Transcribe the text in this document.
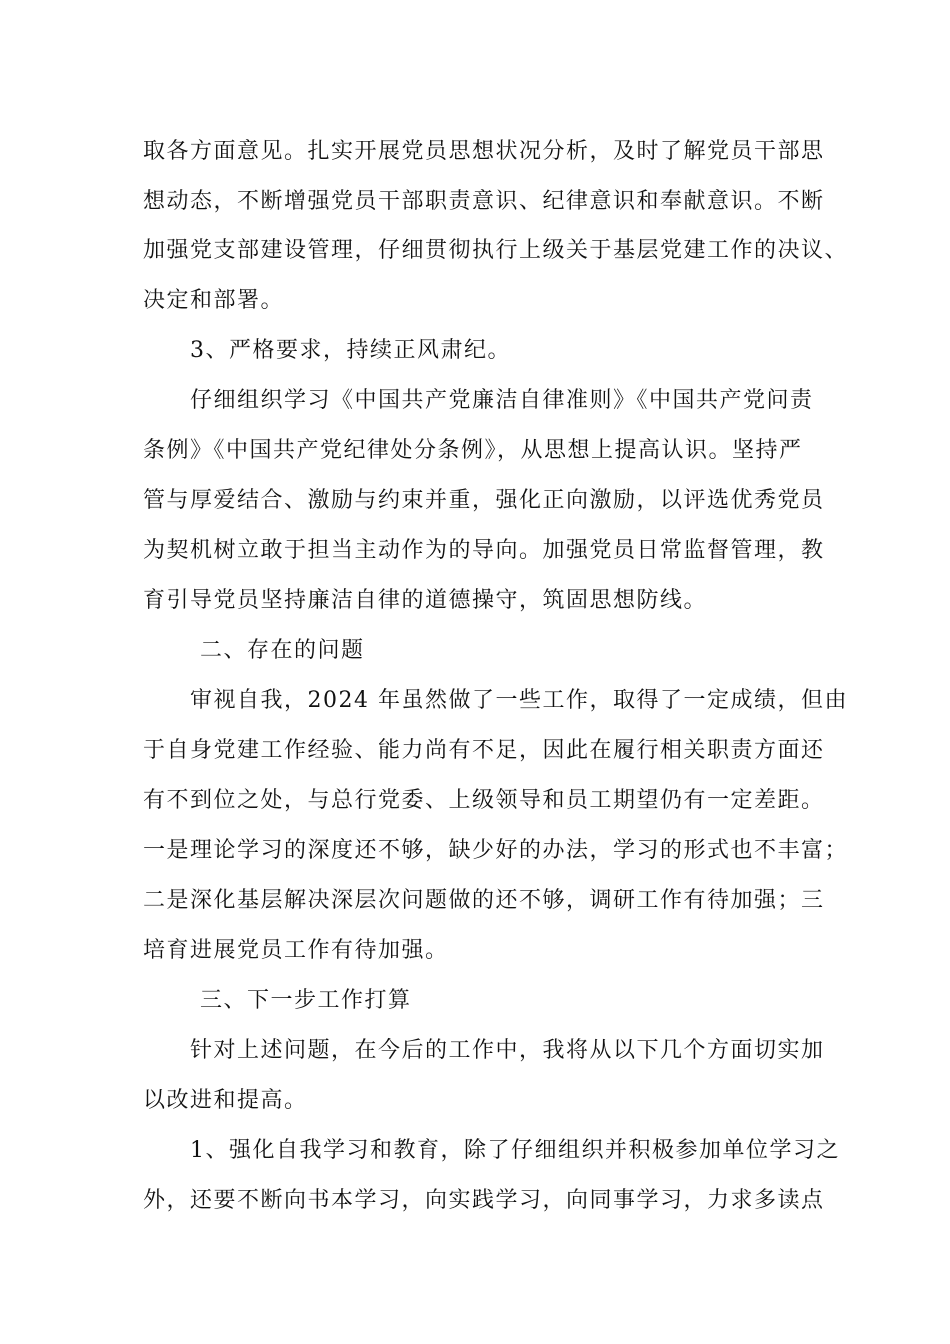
取各方面意见。扎实开展党员思想状况分析，及时了解党员干部思

想动态，不断增强党员干部职责意识、纪律意识和奉献意识。不断

加强党支部建设管理，仔细贯彻执行上级关于基层党建工作的决议、

决定和部署。

3、严格要求，持续正风肃纪。

仔细组织学习《中国共产党廉洁自律准则》《中国共产党问责

条例》《中国共产党纪律处分条例》，从思想上提高认识。坚持严

管与厚爱结合、激励与约束并重，强化正向激励，以评选优秀党员

为契机树立敢于担当主动作为的导向。加强党员日常监督管理，教

育引导党员坚持廉洁自律的道德操守，筑固思想防线。

二、存在的问题

审视自我，2024 年虽然做了一些工作，取得了一定成绩，但由

于自身党建工作经验、能力尚有不足，因此在履行相关职责方面还

有不到位之处，与总行党委、上级领导和员工期望仍有一定差距。

一是理论学习的深度还不够，缺少好的办法，学习的形式也不丰富；

二是深化基层解决深层次问题做的还不够，调研工作有待加强；三

培育进展党员工作有待加强。

三、下一步工作打算

针对上述问题，在今后的工作中，我将从以下几个方面切实加

以改进和提高。

1、强化自我学习和教育，除了仔细组织并积极参加单位学习之

外，还要不断向书本学习，向实践学习，向同事学习，力求多读点
